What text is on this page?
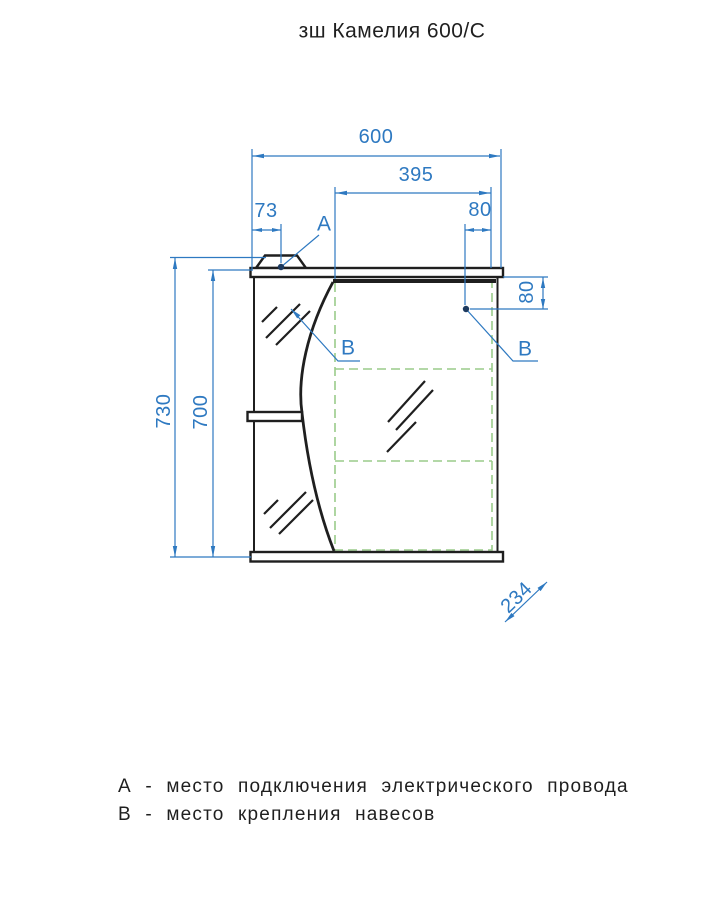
зш Камелия 600/С
600
395
73	80
80
730 700
234
А
В	В
А - место подключения электрического провода
В - место крепления навесов
